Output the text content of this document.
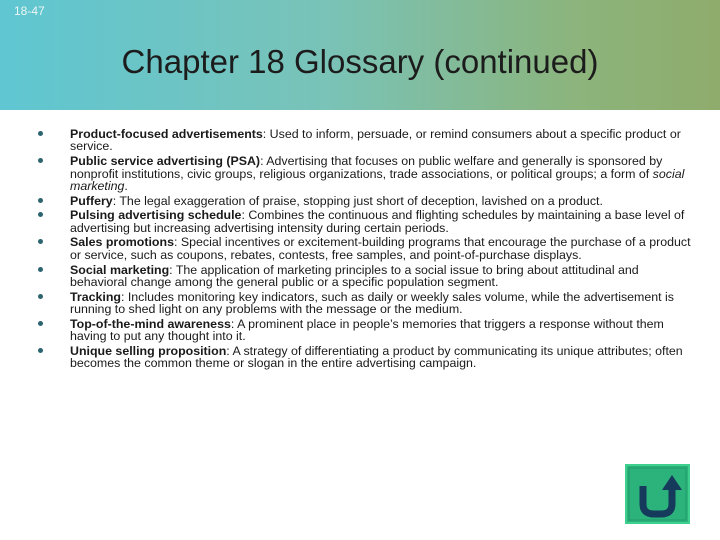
18-47
Chapter 18 Glossary (continued)
Product-focused advertisements: Used to inform, persuade, or remind consumers about a specific product or service.
Public service advertising (PSA): Advertising that focuses on public welfare and generally is sponsored by nonprofit institutions, civic groups, religious organizations, trade associations, or political groups; a form of social marketing.
Puffery: The legal exaggeration of praise, stopping just short of deception, lavished on a product.
Pulsing advertising schedule: Combines the continuous and flighting schedules by maintaining a base level of advertising but increasing advertising intensity during certain periods.
Sales promotions: Special incentives or excitement-building programs that encourage the purchase of a product or service, such as coupons, rebates, contests, free samples, and point-of-purchase displays.
Social marketing: The application of marketing principles to a social issue to bring about attitudinal and behavioral change among the general public or a specific population segment.
Tracking: Includes monitoring key indicators, such as daily or weekly sales volume, while the advertisement is running to shed light on any problems with the message or the medium.
Top-of-the-mind awareness: A prominent place in people’s memories that triggers a response without them having to put any thought into it.
Unique selling proposition: A strategy of differentiating a product by communicating its unique attributes; often becomes the common theme or slogan in the entire advertising campaign.
